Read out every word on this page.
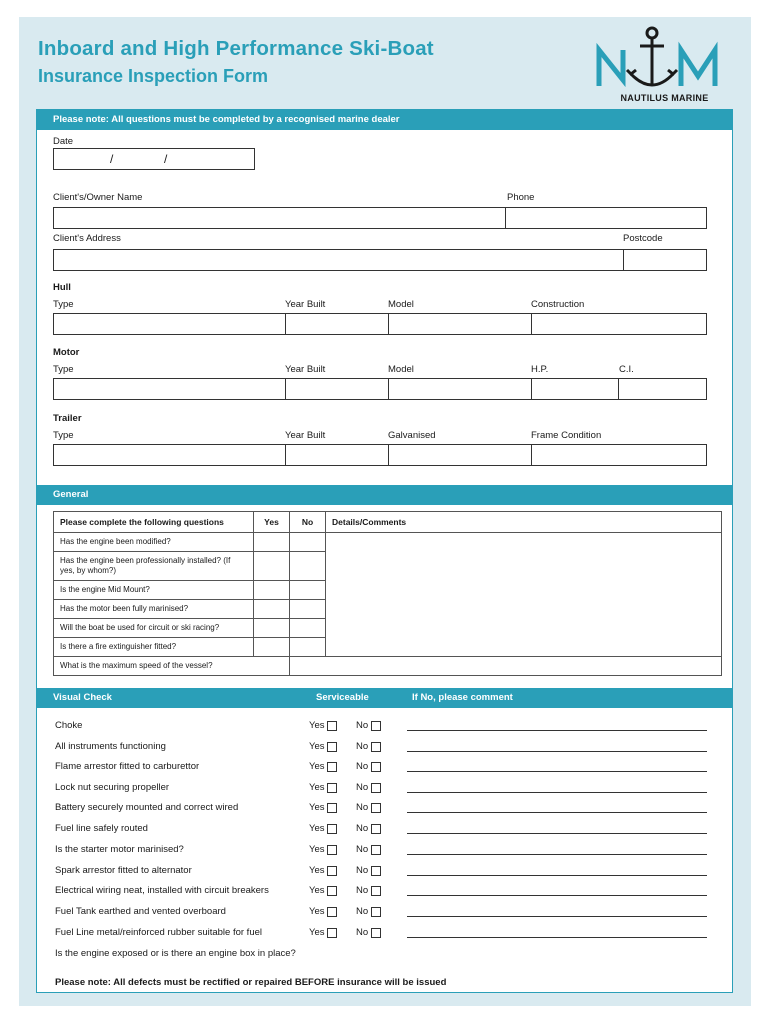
Inboard and High Performance Ski-Boat
Insurance Inspection Form
NAUTILUS MARINE
Please note: All questions must be completed by a recognised marine dealer
Date
/	/
Client's/Owner Name	Phone
Client's Address	Postcode
Hull
Type	Year Built	Model	Construction
Motor
Type	Year Built	Model	H.P.	C.I.
Trailer
Type	Year Built	Galvanised	Frame Condition
General
Please complete the following questions	Yes	No	Details/Comments
Has the engine been modified?			
Has the engine been professionally installed? (If yes, by whom?)			
Is the engine Mid Mount?			
Has the motor been fully marinised?			
Will the boat be used for circuit or ski racing?			
Is there a fire extinguisher fitted?			
What is the maximum speed of the vessel?			
Visual Check	Serviceable	If No, please comment
Choke	Yes	No
All instruments functioning	Yes	No
Flame arrestor fitted to carburettor	Yes	No
Lock nut securing propeller	Yes	No
Battery securely mounted and correct wired	Yes	No
Fuel line safely routed	Yes	No
Is the starter motor marinised?	Yes	No
Spark arrestor fitted to alternator	Yes	No
Electrical wiring neat, installed with circuit breakers	Yes	No
Fuel Tank earthed and vented overboard	Yes	No
Fuel Line metal/reinforced rubber suitable for fuel	Yes	No
Is the engine exposed or is there an engine box in place?
Please note: All defects must be rectified or repaired BEFORE insurance will be issued
